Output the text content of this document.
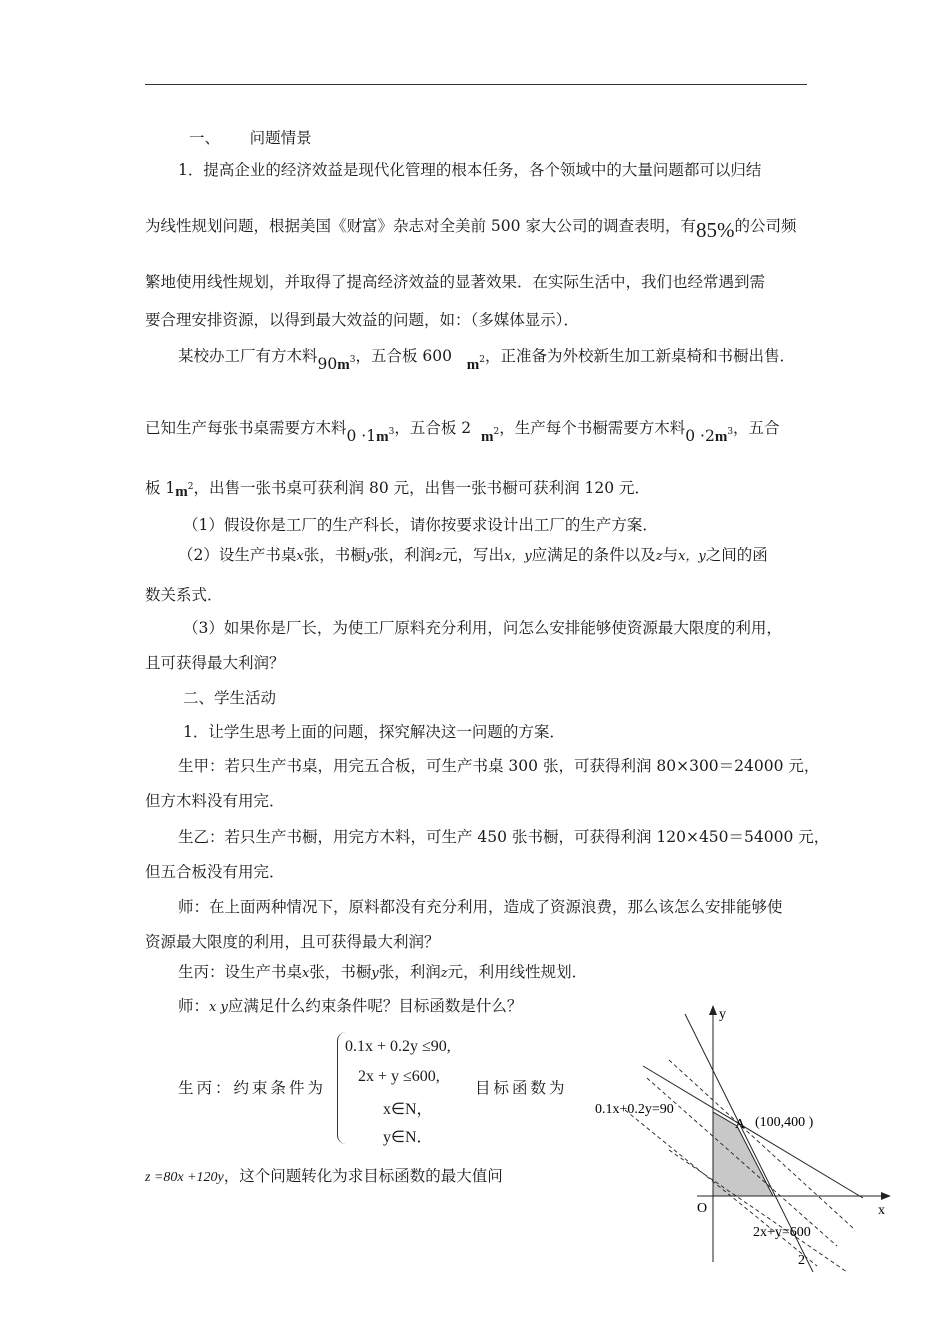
一、 问题情景
1．提高企业的经济效益是现代化管理的根本任务，各个领域中的大量问题都可以归结
为线性规划问题，根据美国《财富》杂志对全美前 500 家大公司的调查表明，有85%的公司频
繁地使用线性规划，并取得了提高经济效益的显著效果．在实际生活中，我们也经常遇到需
要合理安排资源，以得到最大效益的问题，如：（多媒体显示）．
某校办工厂有方木料$90m^3$，五合板 600 $m^2$，正准备为外校新生加工新桌椅和书橱出售．
已知生产每张书桌需要方木料$0 \cdot 1m^3$，五合板 2 $m^2$，生产每个书橱需要方木料$0 \cdot 2m^3$，五合
板 $1m^2$，出售一张书桌可获利润 80 元，出售一张书橱可获利润 120 元．
（1）假设你是工厂的生产科长，请你按要求设计出工厂的生产方案．
（2）设生产书桌x张，书橱y张，利润z元，写出x，y应满足的条件以及z与x，y之间的函
数关系式．
（3）如果你是厂长，为使工厂原料充分利用，问怎么安排能够使资源最大限度的利用，
且可获得最大利润？
二、学生活动
1．让学生思考上面的问题，探究解决这一问题的方案．
生甲：若只生产书桌，用完五合板，可生产书桌 300 张，可获得利润 80×300＝24000 元，
但方木料没有用完．
生乙：若只生产书橱，用完方木料，可生产 450 张书橱，可获得利润 120×450＝54000 元，
但五合板没有用完．
师：在上面两种情况下，原料都没有充分利用，造成了资源浪费，那么该怎么安排能够使
资源最大限度的利用，且可获得最大利润？
生丙：设生产书桌x张，书橱y张，利润z元，利用线性规划．
师：x y应满足什么约束条件呢？目标函数是什么？
生丙：约束条件为
0.1x + 0.2y ≤90,
2x + y ≤600,
x∈N，
y∈N．
目标函数为
z =80x +120y，这个问题转化为求目标函数的最大值问
y
x
O
0.1x+0.2y=90
A (100,400 )
2x+y=600
2
